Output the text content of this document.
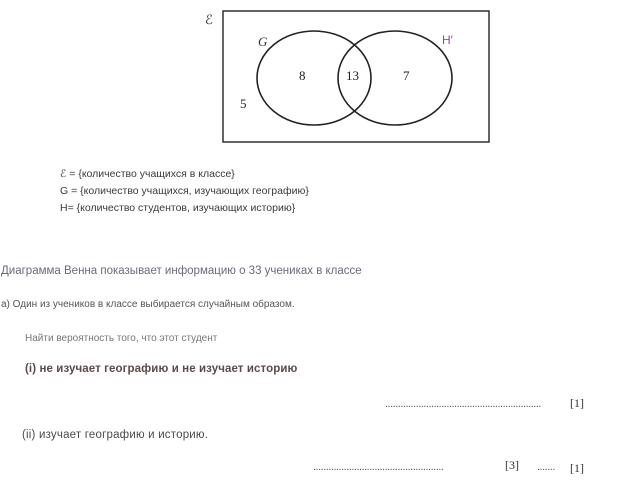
ℰ
G	H′
8	13	7
5
ℰ = {количество учащихся в классе}
G = {количество учащихся, изучающих географию}
H= {количество студентов, изучающих историю}
Диаграмма Венна показывает информацию о 33 учениках в классе
а) Один из учеников в классе выбирается случайным образом.
Найти вероятность того, что этот студент
(i) не изучает географию и не изучает историю
............................................................. [1]
(ii) изучает географию и историю.
...................................................	[3] ....... [1]
